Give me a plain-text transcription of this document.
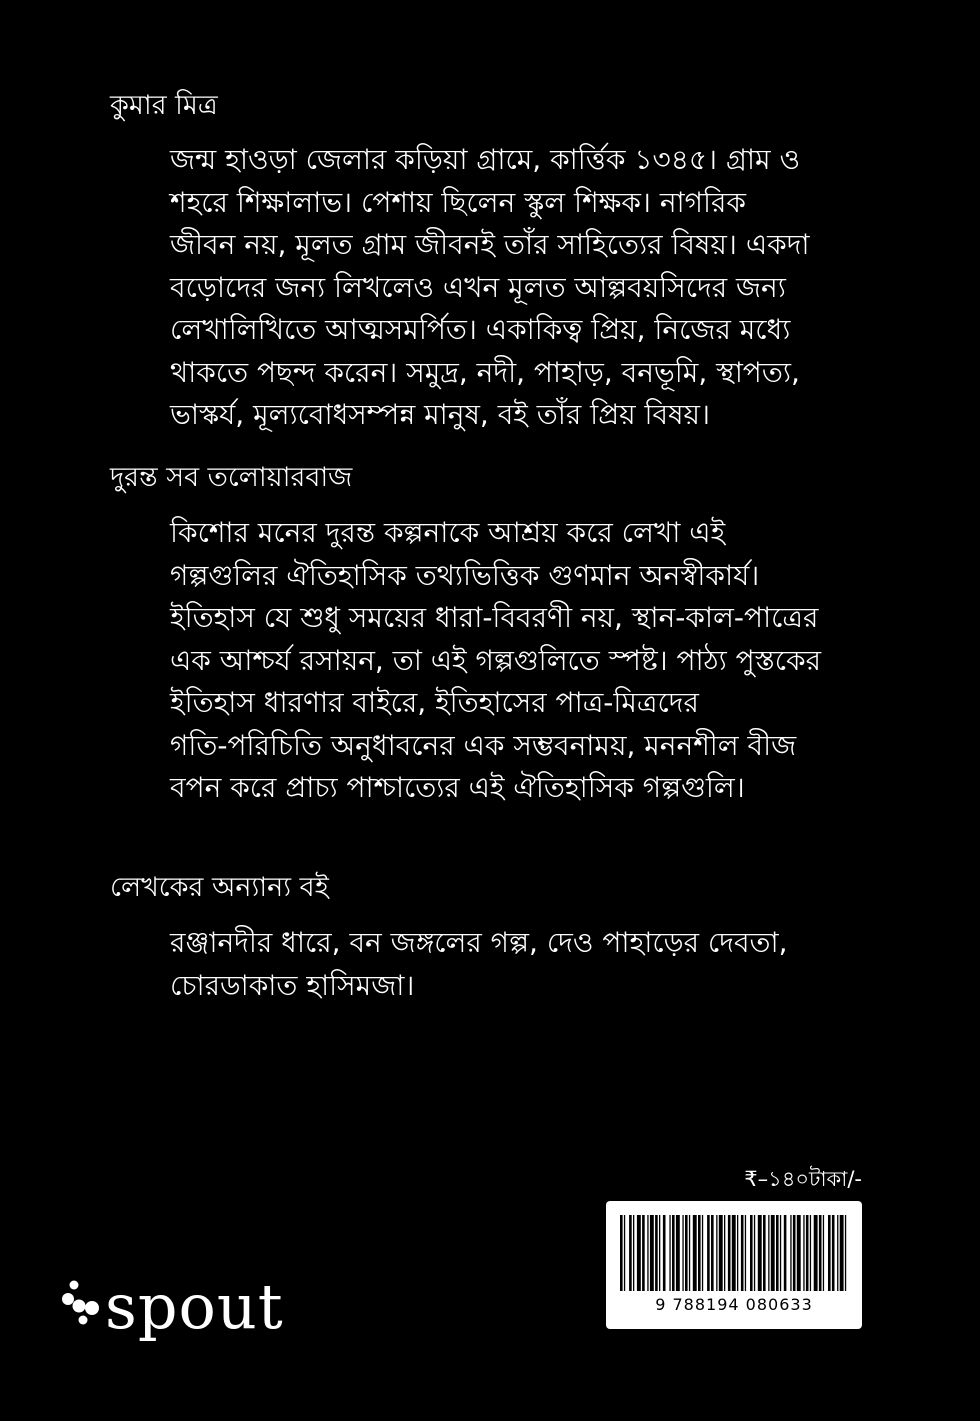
কুমার মিত্র
জন্ম হাওড়া জেলার কড়িয়া গ্রামে, কার্ত্তিক ১৩৪৫। গ্রাম ও
শহরে শিক্ষালাভ। পেশায় ছিলেন স্কুল শিক্ষক। নাগরিক
জীবন নয়, মূলত গ্রাম জীবনই তাঁর সাহিত্যের বিষয়। একদা
বড়োদের জন্য লিখলেও এখন মূলত আল্পবয়সিদের জন্য
লেখালিখিতে আত্মসমর্পিত। একাকিত্ব প্রিয়, নিজের মধ্যে
থাকতে পছন্দ করেন। সমুদ্র, নদী, পাহাড়, বনভূমি, স্থাপত্য,
ভাস্কর্য, মূল্যবোধসম্পন্ন মানুষ, বই তাঁর প্রিয় বিষয়।
দুরন্ত সব তলোয়ারবাজ
কিশোর মনের দুরন্ত কল্পনাকে আশ্রয় করে লেখা এই
গল্পগুলির ঐতিহাসিক তথ্যভিত্তিক গুণমান অনস্বীকার্য।
ইতিহাস যে শুধু সময়ের ধারা-বিবরণী নয়, স্থান-কাল-পাত্রের
এক আশ্চর্য রসায়ন, তা এই গল্পগুলিতে স্পষ্ট। পাঠ্য পুস্তকের
ইতিহাস ধারণার বাইরে, ইতিহাসের পাত্র-মিত্রদের
গতি-পরিচিতি অনুধাবনের এক সম্ভবনাময়, মননশীল বীজ
বপন করে প্রাচ্য পাশ্চাত্যের এই ঐতিহাসিক গল্পগুলি।
লেখকের অন্যান্য বই
রঞ্জানদীর ধারে, বন জঙ্গলের গল্প, দেও পাহাড়ের দেবতা,
চোরডাকাত হাসিমজা।
₹–১৪০টাকা/-
9 788194 080633
spout
